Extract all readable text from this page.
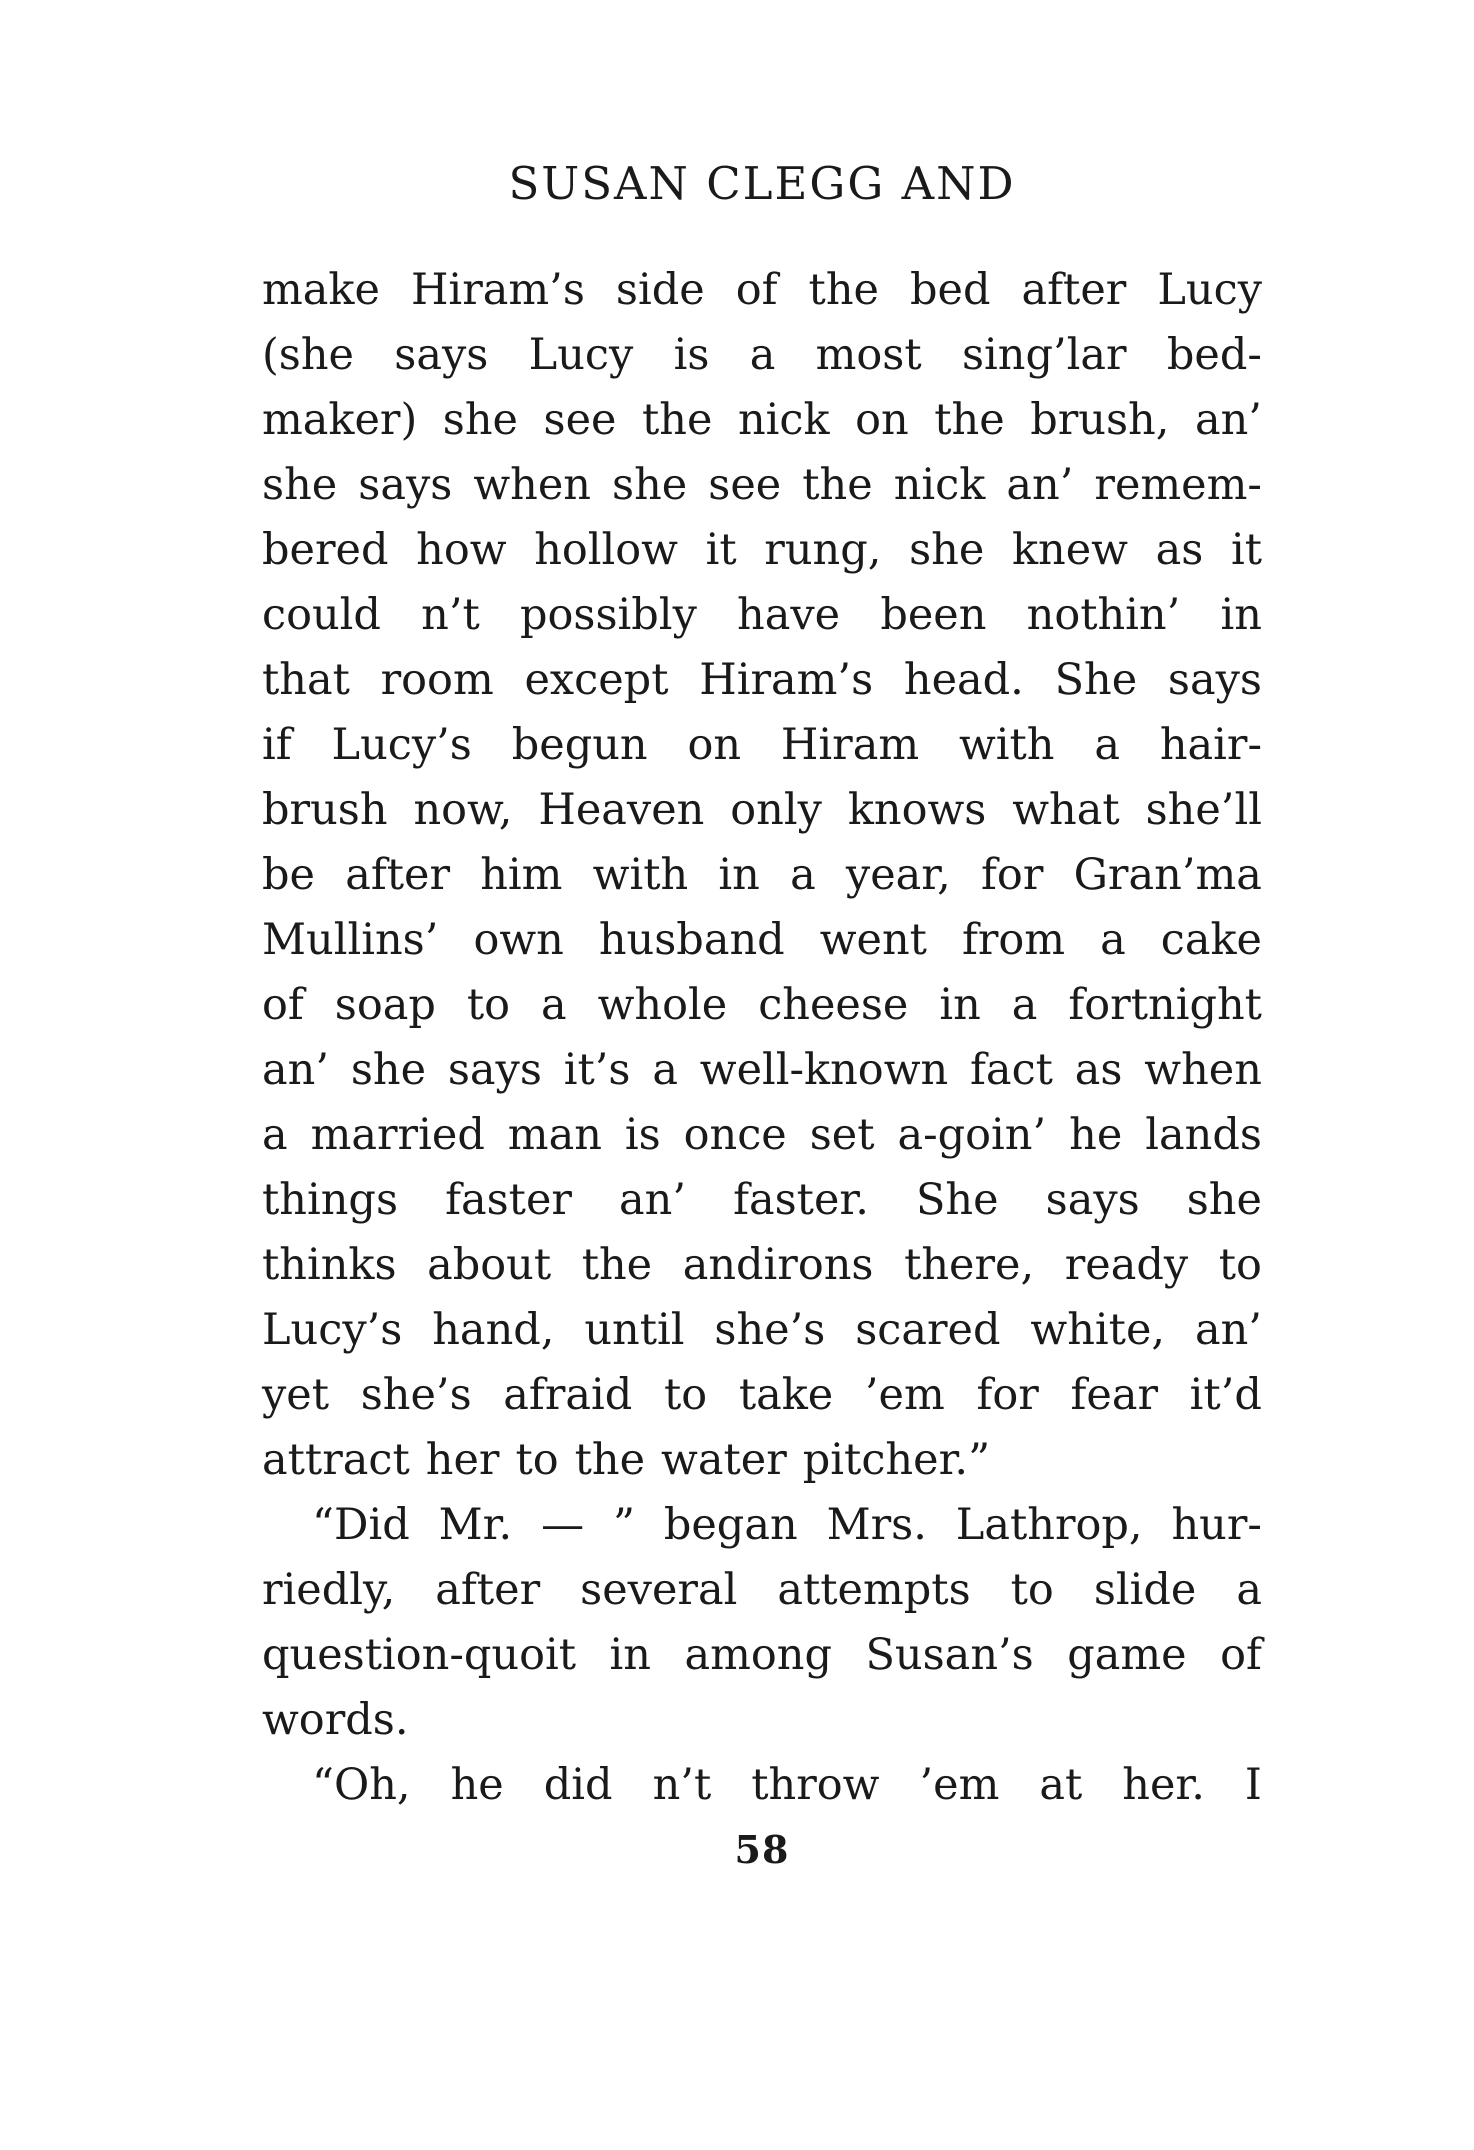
SUSAN CLEGG AND
make Hiram’s side of the bed after Lucy
(she says Lucy is a most sing’lar bed-
maker) she see the nick on the brush, an’
she says when she see the nick an’ remem-
bered how hollow it rung, she knew as it
could n’t possibly have been nothin’ in
that room except Hiram’s head. She says
if Lucy’s begun on Hiram with a hair-
brush now, Heaven only knows what she’ll
be after him with in a year, for Gran’ma
Mullins’ own husband went from a cake
of soap to a whole cheese in a fortnight
an’ she says it’s a well-known fact as when
a married man is once set a-goin’ he lands
things faster an’ faster. She says she
thinks about the andirons there, ready to
Lucy’s hand, until she’s scared white, an’
yet she’s afraid to take ’em for fear it’d
attract her to the water pitcher.”
“Did Mr. — ” began Mrs. Lathrop, hur-
riedly, after several attempts to slide a
question-quoit in among Susan’s game of
words.
“Oh, he did n’t throw ’em at her. I
58
